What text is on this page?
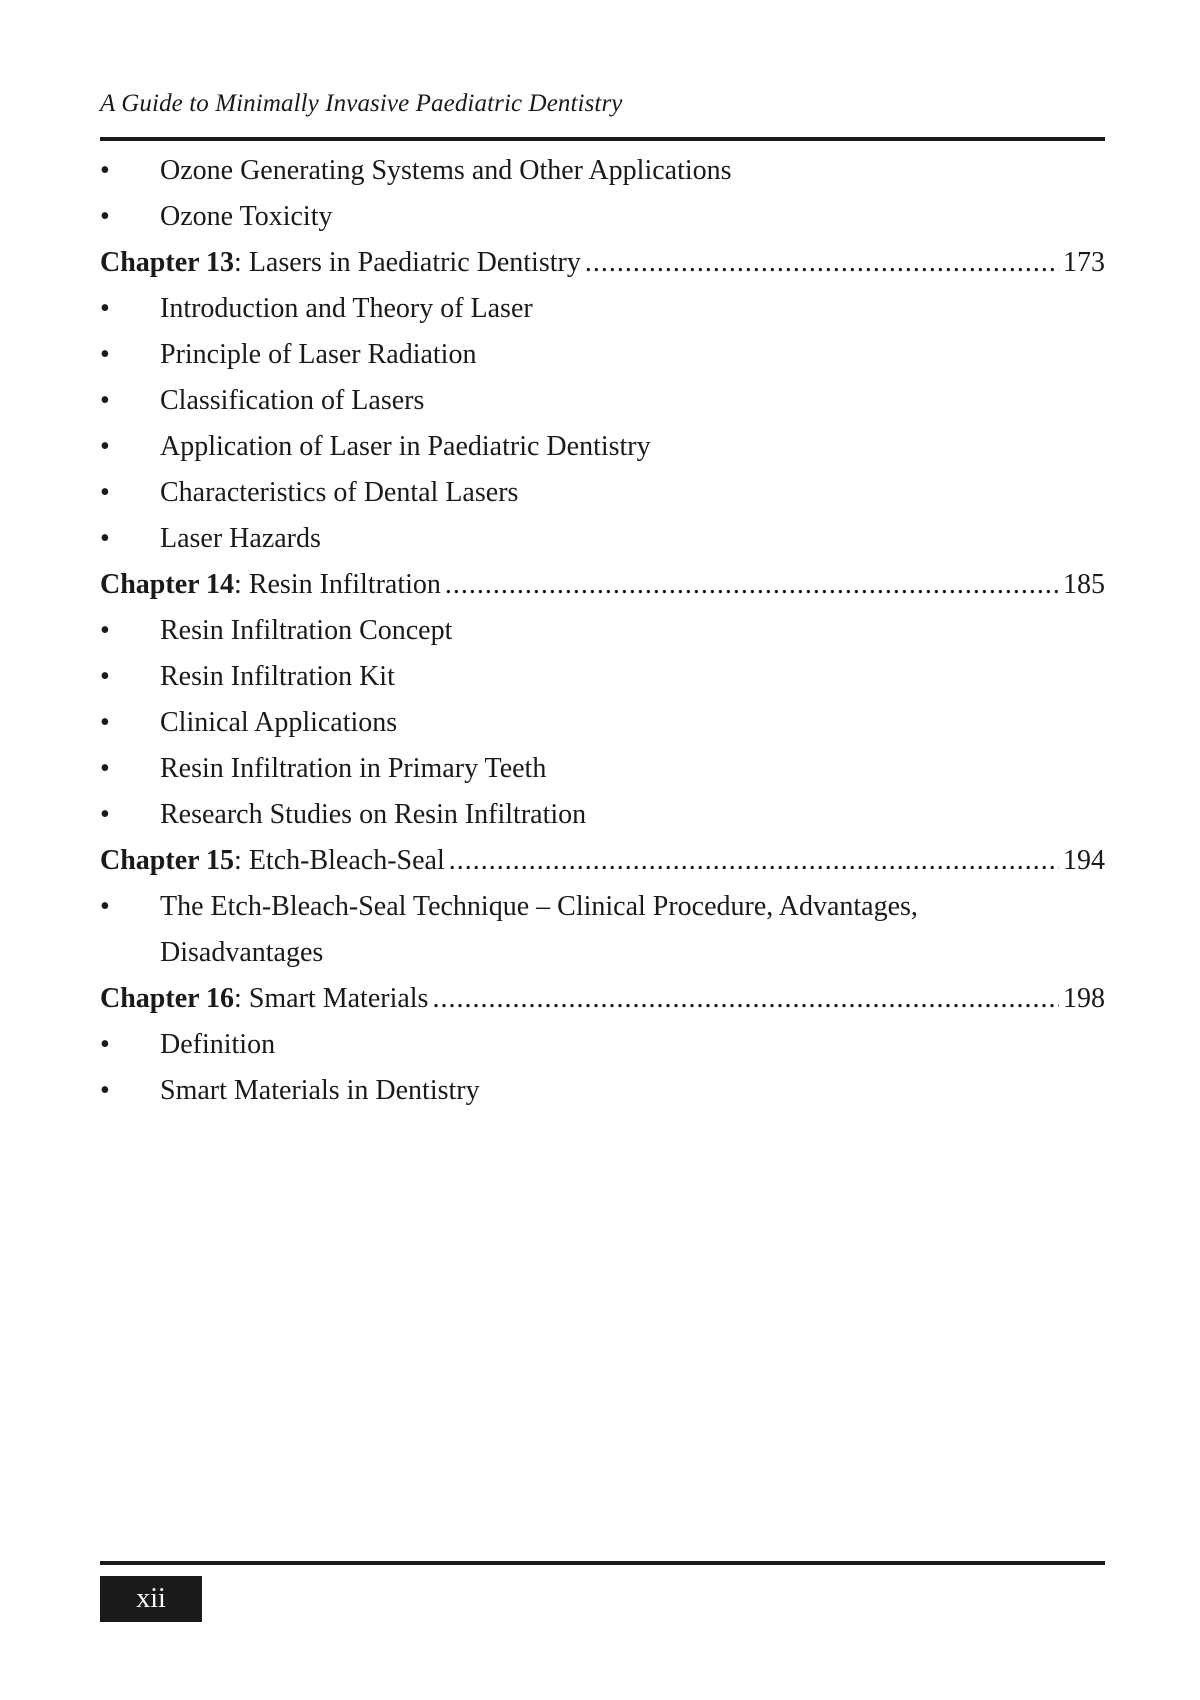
A Guide to Minimally Invasive Paediatric Dentistry
•	Ozone Generating Systems and Other Applications
•	Ozone Toxicity
Chapter 13 : Lasers in Paediatric Dentistry .....	173
•	Introduction and Theory of Laser
•	Principle of Laser Radiation
•	Classification of Lasers
•	Application of Laser in Paediatric Dentistry
•	Characteristics of Dental Lasers
•	Laser Hazards
Chapter 14 : Resin Infiltration .....	185
•	Resin Infiltration Concept
•	Resin Infiltration Kit
•	Clinical Applications
•	Resin Infiltration in Primary Teeth
•	Research Studies on Resin Infiltration
Chapter 15 : Etch-Bleach-Seal .....	194
•	The Etch-Bleach-Seal Technique – Clinical Procedure, Advantages,
Disadvantages
Chapter 16 : Smart Materials .....	198
•	Definition
•	Smart Materials in Dentistry
xii
